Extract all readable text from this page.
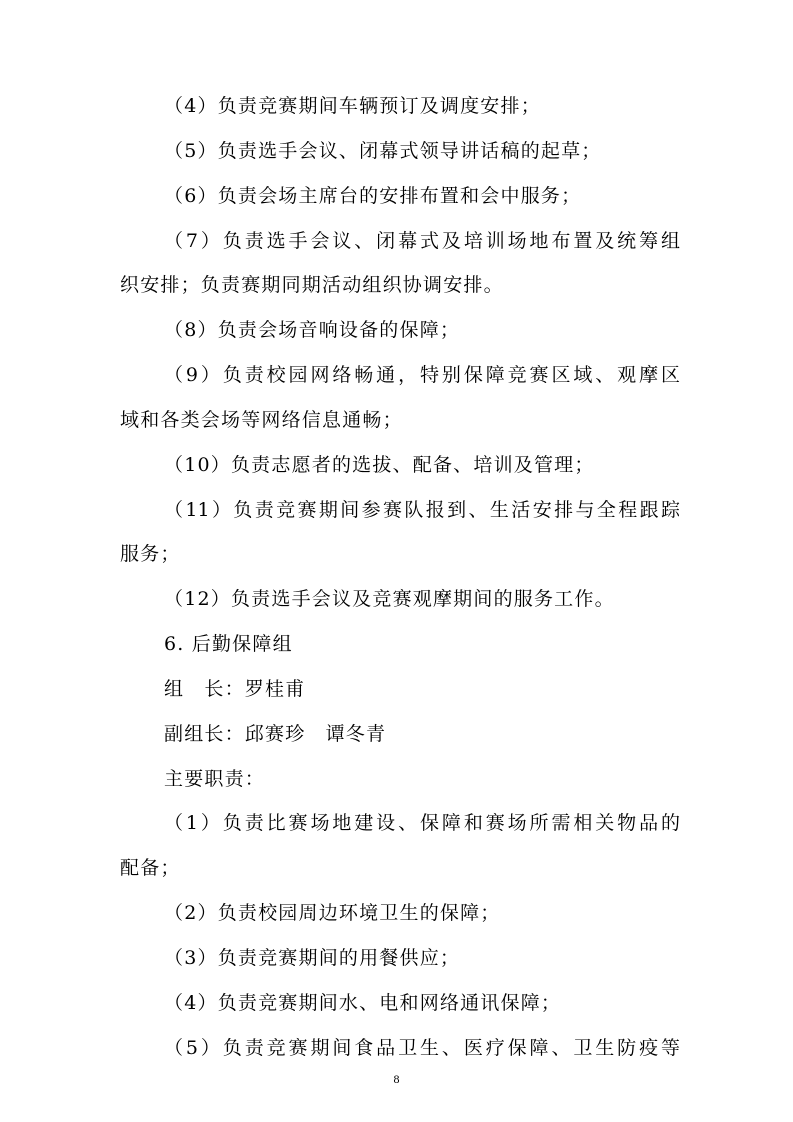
（4）负责竞赛期间车辆预订及调度安排；
（5）负责选手会议、闭幕式领导讲话稿的起草；
（6）负责会场主席台的安排布置和会中服务；
（7）负责选手会议、闭幕式及培训场地布置及统筹组
织安排；负责赛期同期活动组织协调安排。
（8）负责会场音响设备的保障；
（9）负责校园网络畅通，特别保障竞赛区域、观摩区
域和各类会场等网络信息通畅；
（10）负责志愿者的选拔、配备、培训及管理；
（11）负责竞赛期间参赛队报到、生活安排与全程跟踪
服务；
（12）负责选手会议及竞赛观摩期间的服务工作。
6. 后勤保障组
组　长：罗桂甫
副组长：邱赛珍　谭冬青
主要职责：
（1）负责比赛场地建设、保障和赛场所需相关物品的
配备；
（2）负责校园周边环境卫生的保障；
（3）负责竞赛期间的用餐供应；
（4）负责竞赛期间水、电和网络通讯保障；
（5）负责竞赛期间食品卫生、医疗保障、卫生防疫等
8
